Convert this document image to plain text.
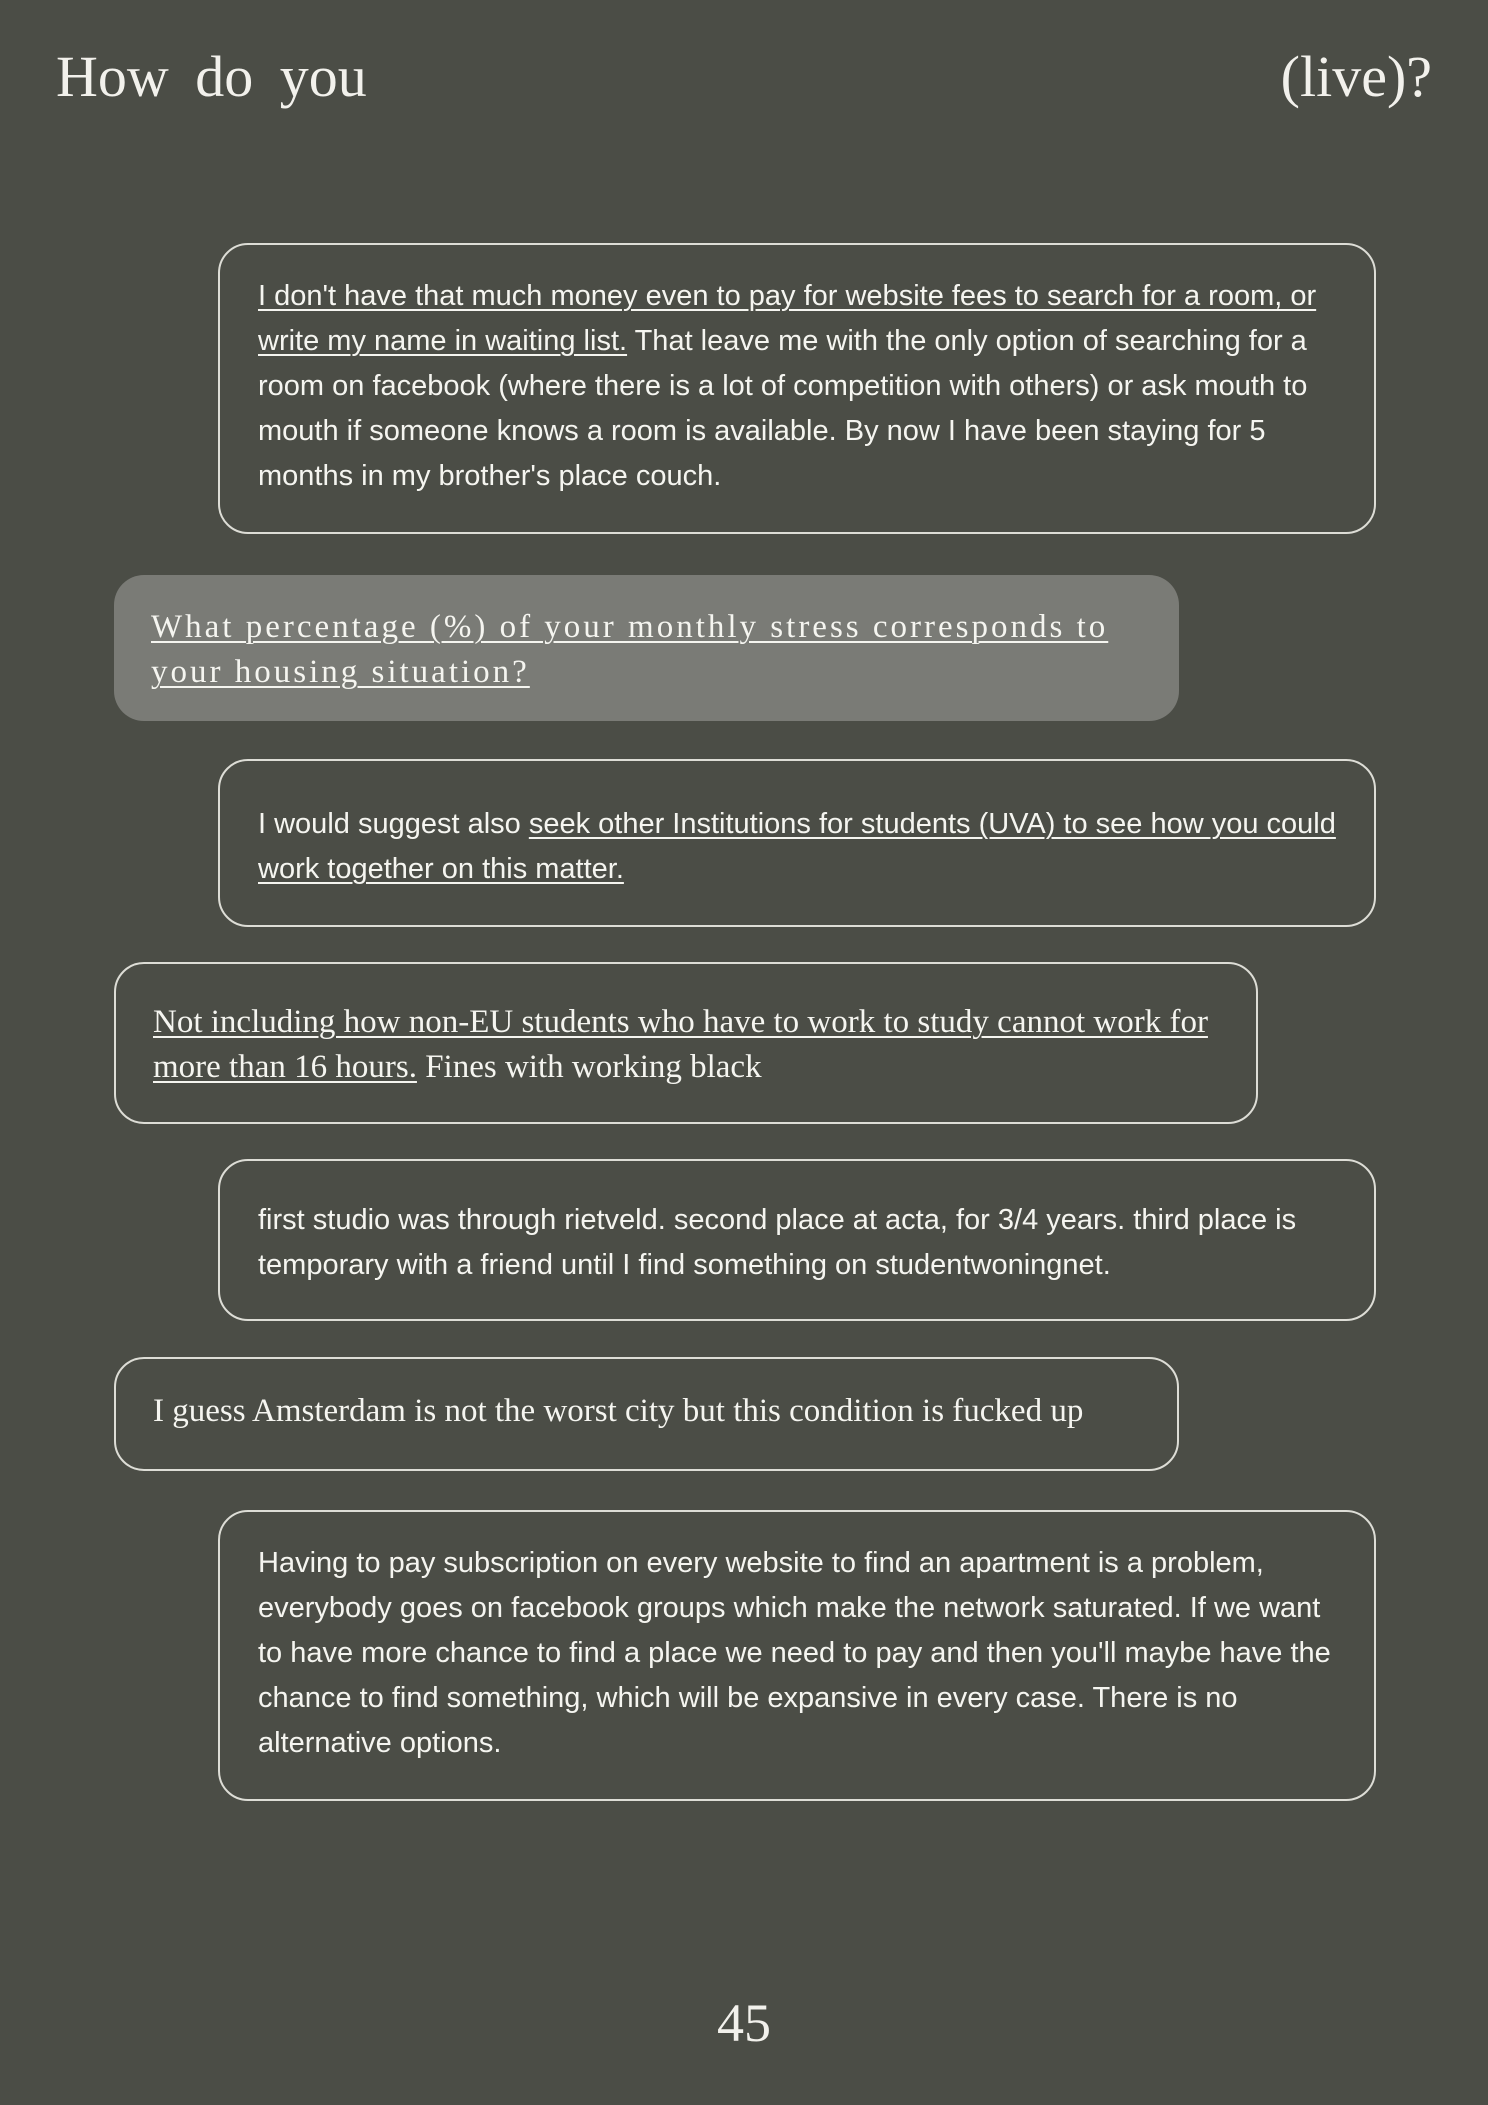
How do you	(live)?
I don't have that much money even to pay for website fees to search for a room, or write my name in waiting list. That leave me with the only option of searching for a room on facebook (where there is a lot of competition with others) or ask mouth to mouth if someone knows a room is available. By now I have been staying for 5 months in my brother's place couch.
What percentage (%) of your monthly stress corresponds to your housing situation?
I would suggest also seek other Institutions for students (UVA) to see how you could work together on this matter.
Not including how non-EU students who have to work to study cannot work for more than 16 hours. Fines with working black
first studio was through rietveld. second place at acta, for 3/4 years. third place is temporary with a friend until I find something on studentwoningnet.
I guess Amsterdam is not the worst city but this condition is fucked up
Having to pay subscription on every website to find an apartment is a problem, everybody goes on facebook groups which make the network saturated. If we want to have more chance to find a place we need to pay and then you'll maybe have the chance to find something, which will be expansive in every case. There is no alternative options.
45
